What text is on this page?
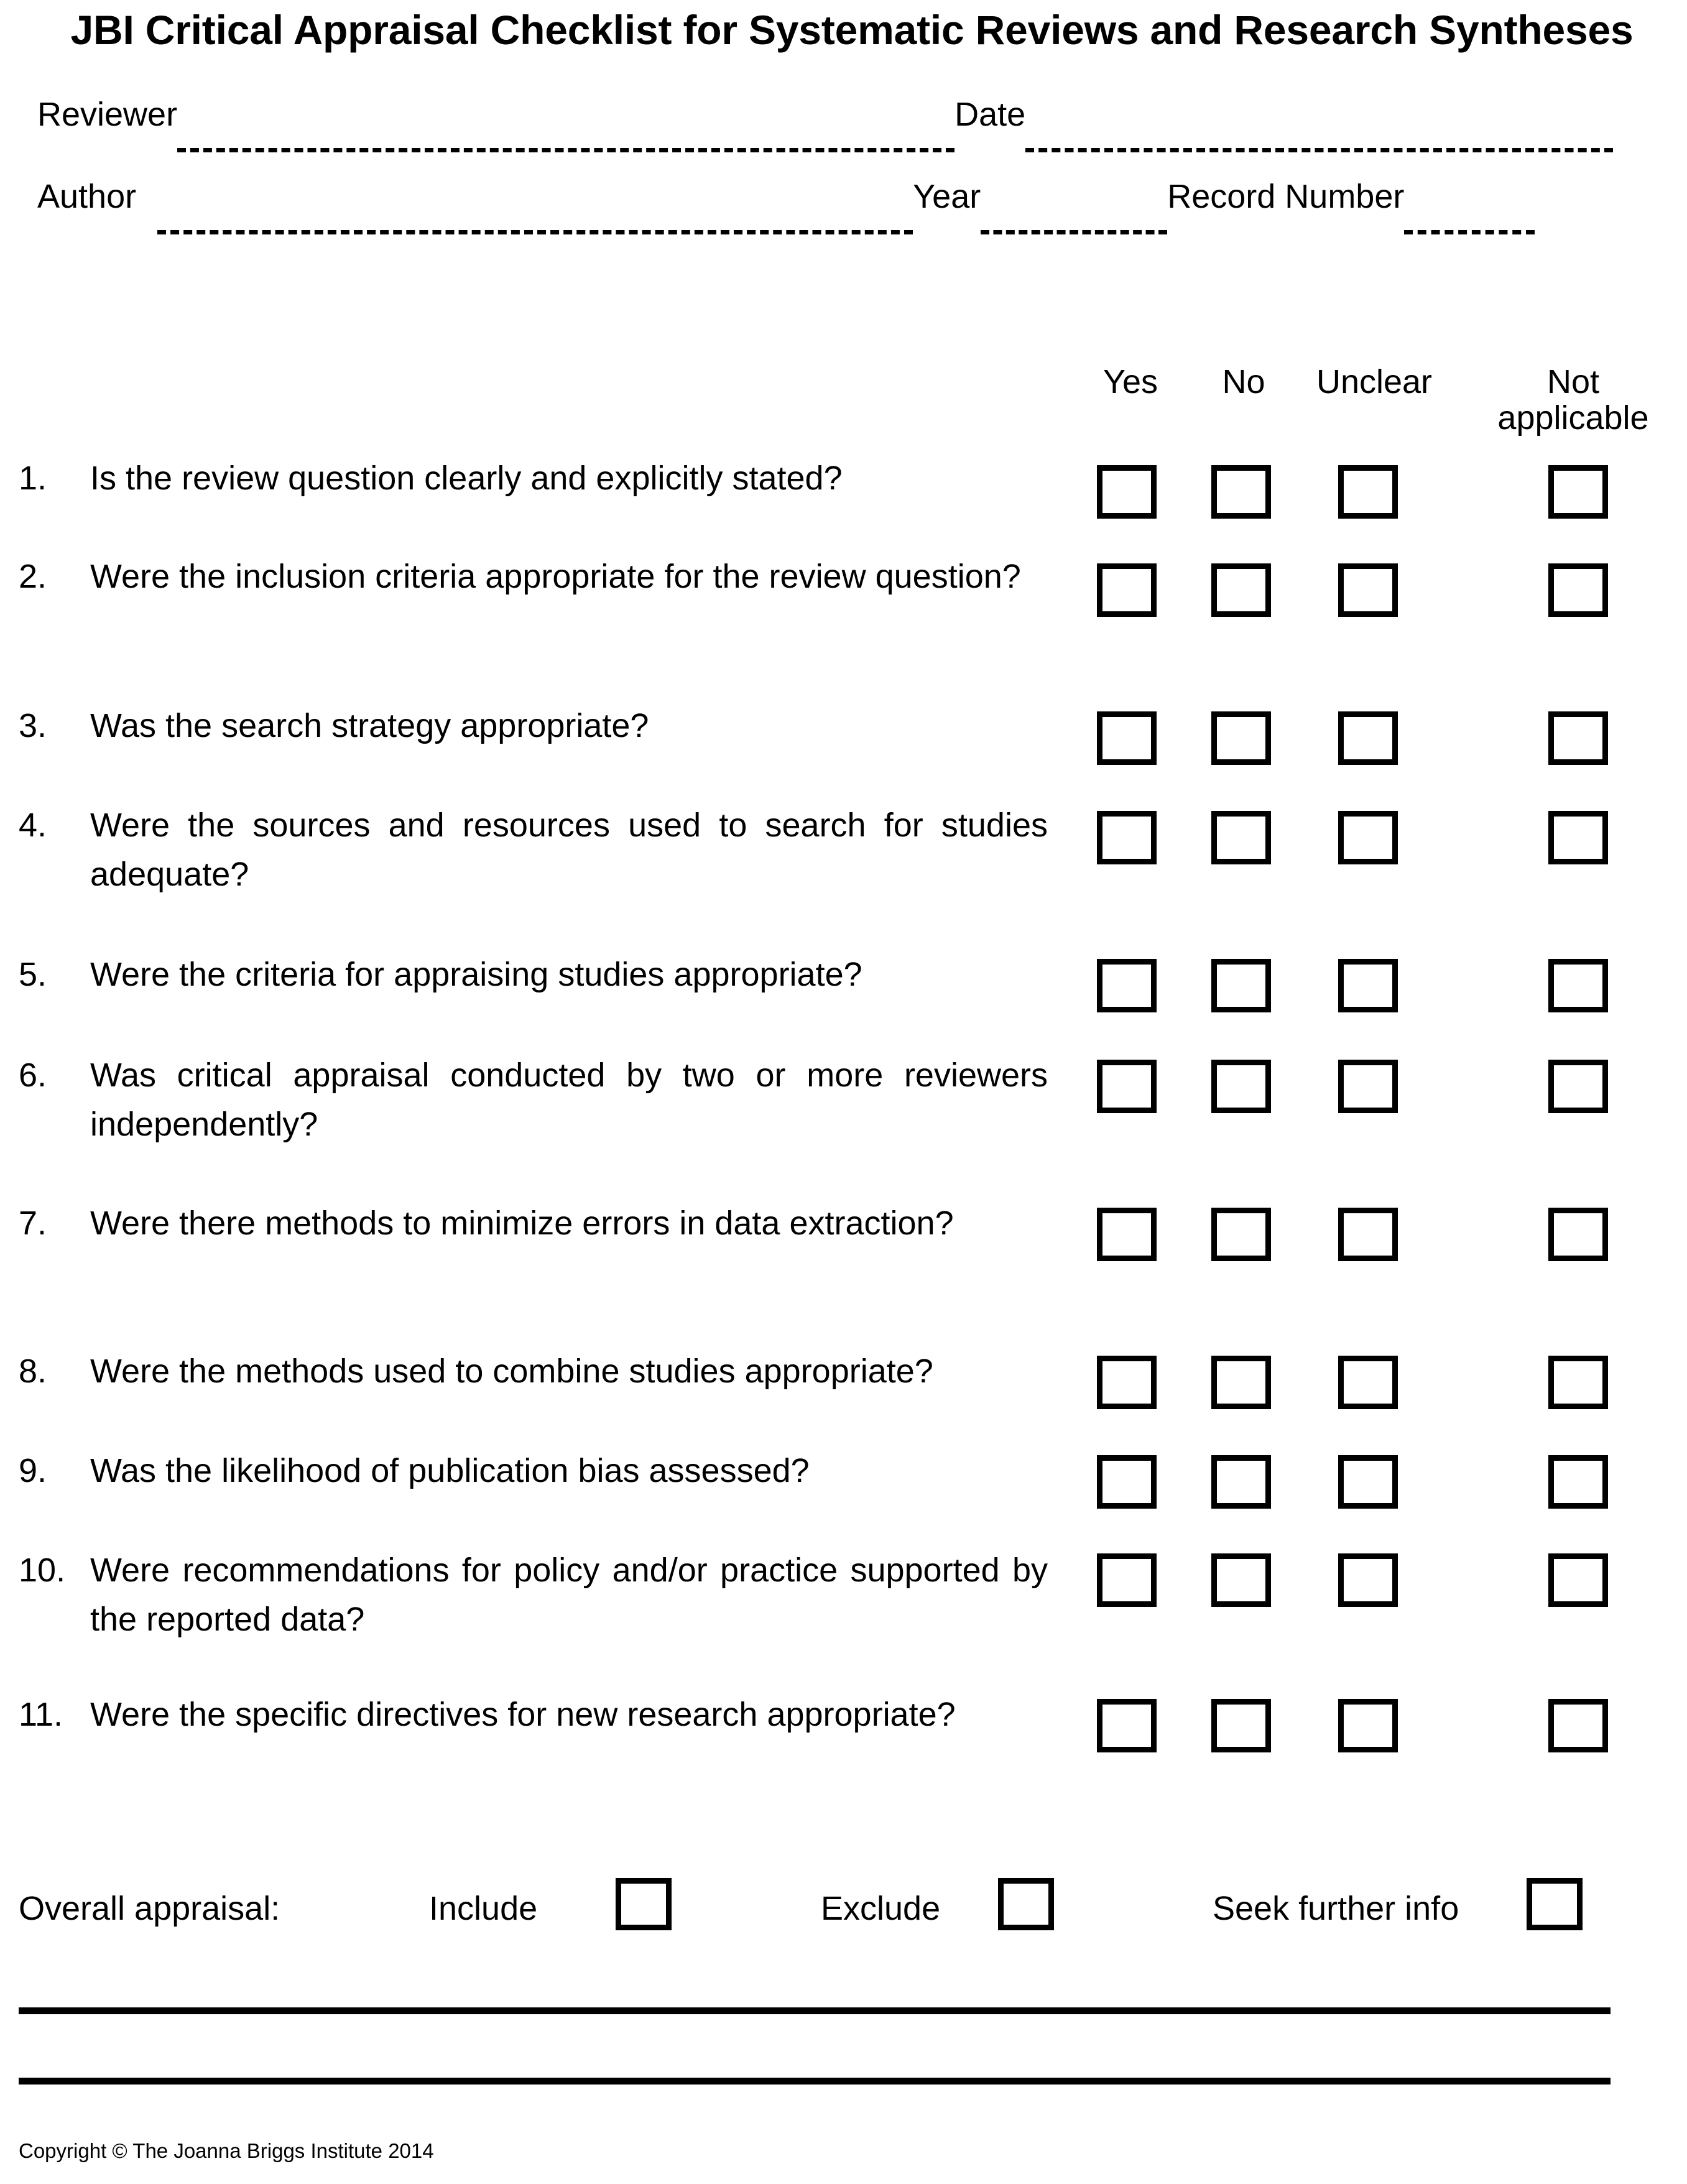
JBI Critical Appraisal Checklist for Systematic Reviews and Research Syntheses
Reviewer	Date
Author	Year	Record Number
Yes	No	Unclear	Not
applicable
1.	Is the review question clearly and explicitly stated?
2.	Were the inclusion criteria appropriate for the review question?
3.	Was the search strategy appropriate?
4.	Were the sources and resources used to search for studies adequate?
5.	Were the criteria for appraising studies appropriate?
6.	Was critical appraisal conducted by two or more reviewers independently?
7.	Were there methods to minimize errors in data extraction?
8.	Were the methods used to combine studies appropriate?
9.	Was the likelihood of publication bias assessed?
10. Were recommendations for policy and/or practice supported by the reported data?
11. Were the specific directives for new research appropriate?
Overall appraisal:	Include	Exclude	Seek further info
Copyright © The Joanna Briggs Institute 2014
